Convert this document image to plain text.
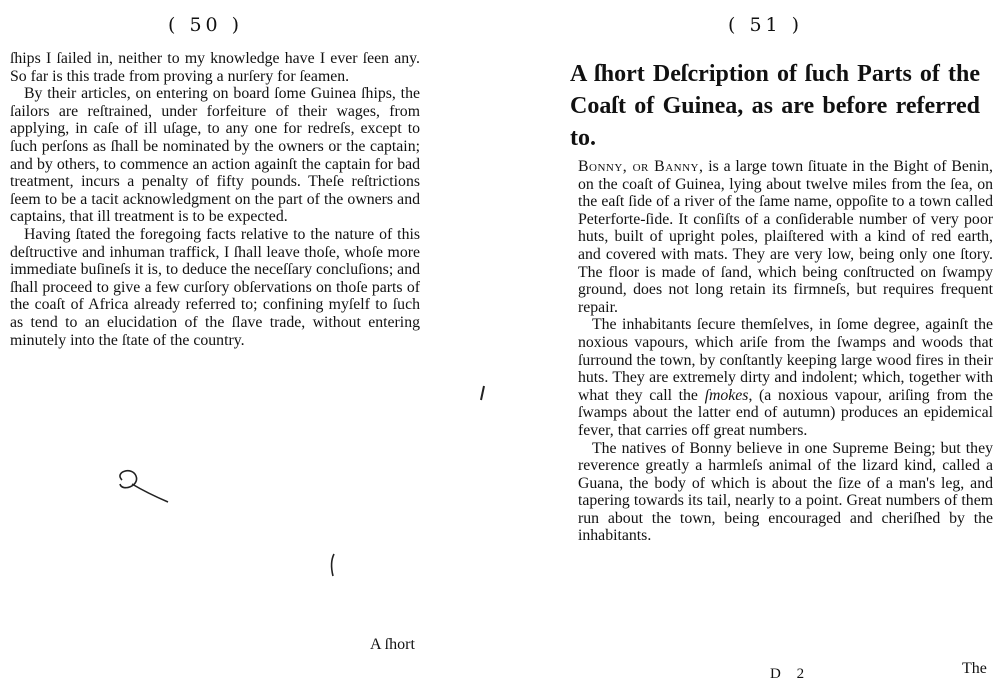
( 50 )

ſhips I ſailed in, neither to my knowledge have I ever ſeen any. So far is this trade from proving a nurſery for ſeamen.

By their articles, on entering on board ſome Guinea ſhips, the ſailors are reſtrained, under forfeiture of their wages, from applying, in caſe of ill uſage, to any one for redreſs, except to ſuch perſons as ſhall be nominated by the owners or the captain; and by others, to commence an action againſt the captain for bad treatment, incurs a penalty of fifty pounds. Theſe reſtrictions ſeem to be a tacit acknowledgment on the part of the owners and captains, that ill treatment is to be expected.

Having ſtated the foregoing facts relative to the nature of this deſtructive and inhuman traffick, I ſhall leave thoſe, whoſe more immediate buſineſs it is, to deduce the neceſſary concluſions; and ſhall proceed to give a few curſory obſervations on thoſe parts of the coaſt of Africa already referred to; confining myſelf to ſuch as tend to an elucidation of the ſlave trade, without entering minutely into the ſtate of the country.

A ſhort

( 51 )

A ſhort Deſcription of ſuch Parts of the Coaſt of Guinea, as are before referred to.

Bonny, or Banny, is a large town ſituate in the Bight of Benin, on the coaſt of Guinea, lying about twelve miles from the ſea, on the eaſt ſide of a river of the ſame name, oppoſite to a town called Peterforte-ſide. It conſiſts of a conſiderable number of very poor huts, built of upright poles, plaiſtered with a kind of red earth, and covered with mats. They are very low, being only one ſtory. The floor is made of ſand, which being conſtructed on ſwampy ground, does not long retain its firmneſs, but requires frequent repair.

The inhabitants ſecure themſelves, in ſome degree, againſt the noxious vapours, which ariſe from the ſwamps and woods that ſurround the town, by conſtantly keeping large wood fires in their huts. They are extremely dirty and indolent; which, together with what they call the ſmokes, (a noxious vapour, ariſing from the ſwamps about the latter end of autumn) produces an epidemical fever, that carries off great numbers.

The natives of Bonny believe in one Supreme Being; but they reverence greatly a harmleſs animal of the lizard kind, called a Guana, the body of which is about the ſize of a man's leg, and tapering towards its tail, nearly to a point. Great numbers of them run about the town, being encouraged and cheriſhed by the inhabitants.

D 2	The
